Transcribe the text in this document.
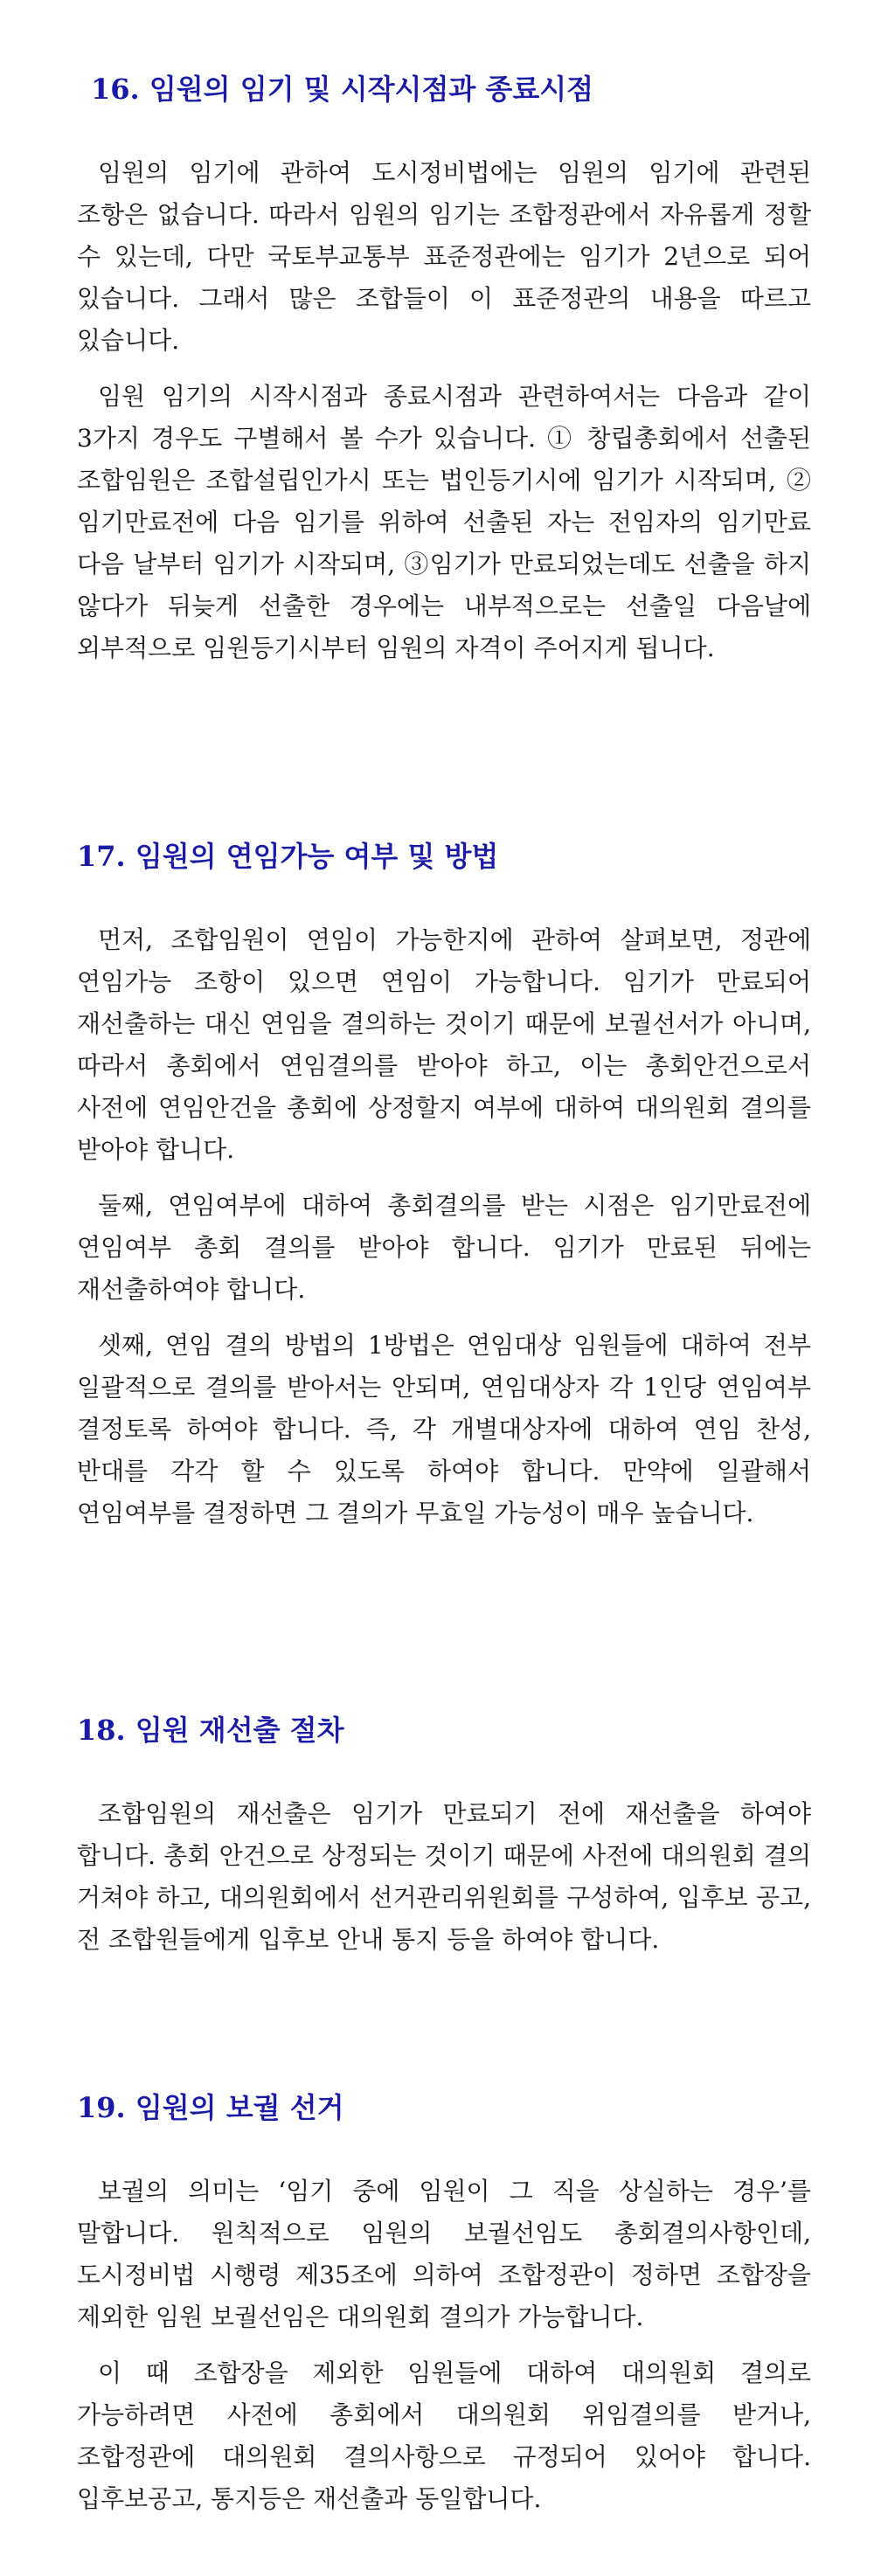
16. 임원의 임기 및 시작시점과 종료시점

임원의 임기에 관하여 도시정비법에는 임원의 임기에 관련된 조항은 없습니다. 따라서 임원의 임기는 조합정관에서 자유롭게 정할 수 있는데, 다만 국토부교통부 표준정관에는 임기가 2년으로 되어 있습니다. 그래서 많은 조합들이 이 표준정관의 내용을 따르고 있습니다.

임원 임기의 시작시점과 종료시점과 관련하여서는 다음과 같이 3가지 경우도 구별해서 볼 수가 있습니다. ① 창립총회에서 선출된 조합임원은 조합설립인가시 또는 법인등기시에 임기가 시작되며, ② 임기만료전에 다음 임기를 위하여 선출된 자는 전임자의 임기만료 다음 날부터 임기가 시작되며, ③임기가 만료되었는데도 선출을 하지 않다가 뒤늦게 선출한 경우에는 내부적으로는 선출일 다음날에 외부적으로 임원등기시부터 임원의 자격이 주어지게 됩니다.

17. 임원의 연임가능 여부 및 방법

먼저, 조합임원이 연임이 가능한지에 관하여 살펴보면, 정관에 연임가능 조항이 있으면 연임이 가능합니다. 임기가 만료되어 재선출하는 대신 연임을 결의하는 것이기 때문에 보궐선서가 아니며, 따라서 총회에서 연임결의를 받아야 하고, 이는 총회안건으로서 사전에 연임안건을 총회에 상정할지 여부에 대하여 대의원회 결의를 받아야 합니다.

둘째, 연임여부에 대하여 총회결의를 받는 시점은 임기만료전에 연임여부 총회 결의를 받아야 합니다. 임기가 만료된 뒤에는 재선출하여야 합니다.

셋째, 연임 결의 방법의 1방법은 연임대상 임원들에 대하여 전부 일괄적으로 결의를 받아서는 안되며, 연임대상자 각 1인당 연임여부 결정토록 하여야 합니다. 즉, 각 개별대상자에 대하여 연임 찬성, 반대를 각각 할 수 있도록 하여야 합니다. 만약에 일괄해서 연임여부를 결정하면 그 결의가 무효일 가능성이 매우 높습니다.

18. 임원 재선출 절차

조합임원의 재선출은 임기가 만료되기 전에 재선출을 하여야 합니다. 총회 안건으로 상정되는 것이기 때문에 사전에 대의원회 결의 거쳐야 하고, 대의원회에서 선거관리위원회를 구성하여, 입후보 공고, 전 조합원들에게 입후보 안내 통지 등을 하여야 합니다.

19. 임원의 보궐 선거

보궐의 의미는 ‘임기 중에 임원이 그 직을 상실하는 경우’를 말합니다. 원칙적으로 임원의 보궐선임도 총회결의사항인데, 도시정비법 시행령 제35조에 의하여 조합정관이 정하면 조합장을 제외한 임원 보궐선임은 대의원회 결의가 가능합니다.

이 때 조합장을 제외한 임원들에 대하여 대의원회 결의로 가능하려면 사전에 총회에서 대의원회 위임결의를 받거나, 조합정관에 대의원회 결의사항으로 규정되어 있어야 합니다. 입후보공고, 통지등은 재선출과 동일합니다.
